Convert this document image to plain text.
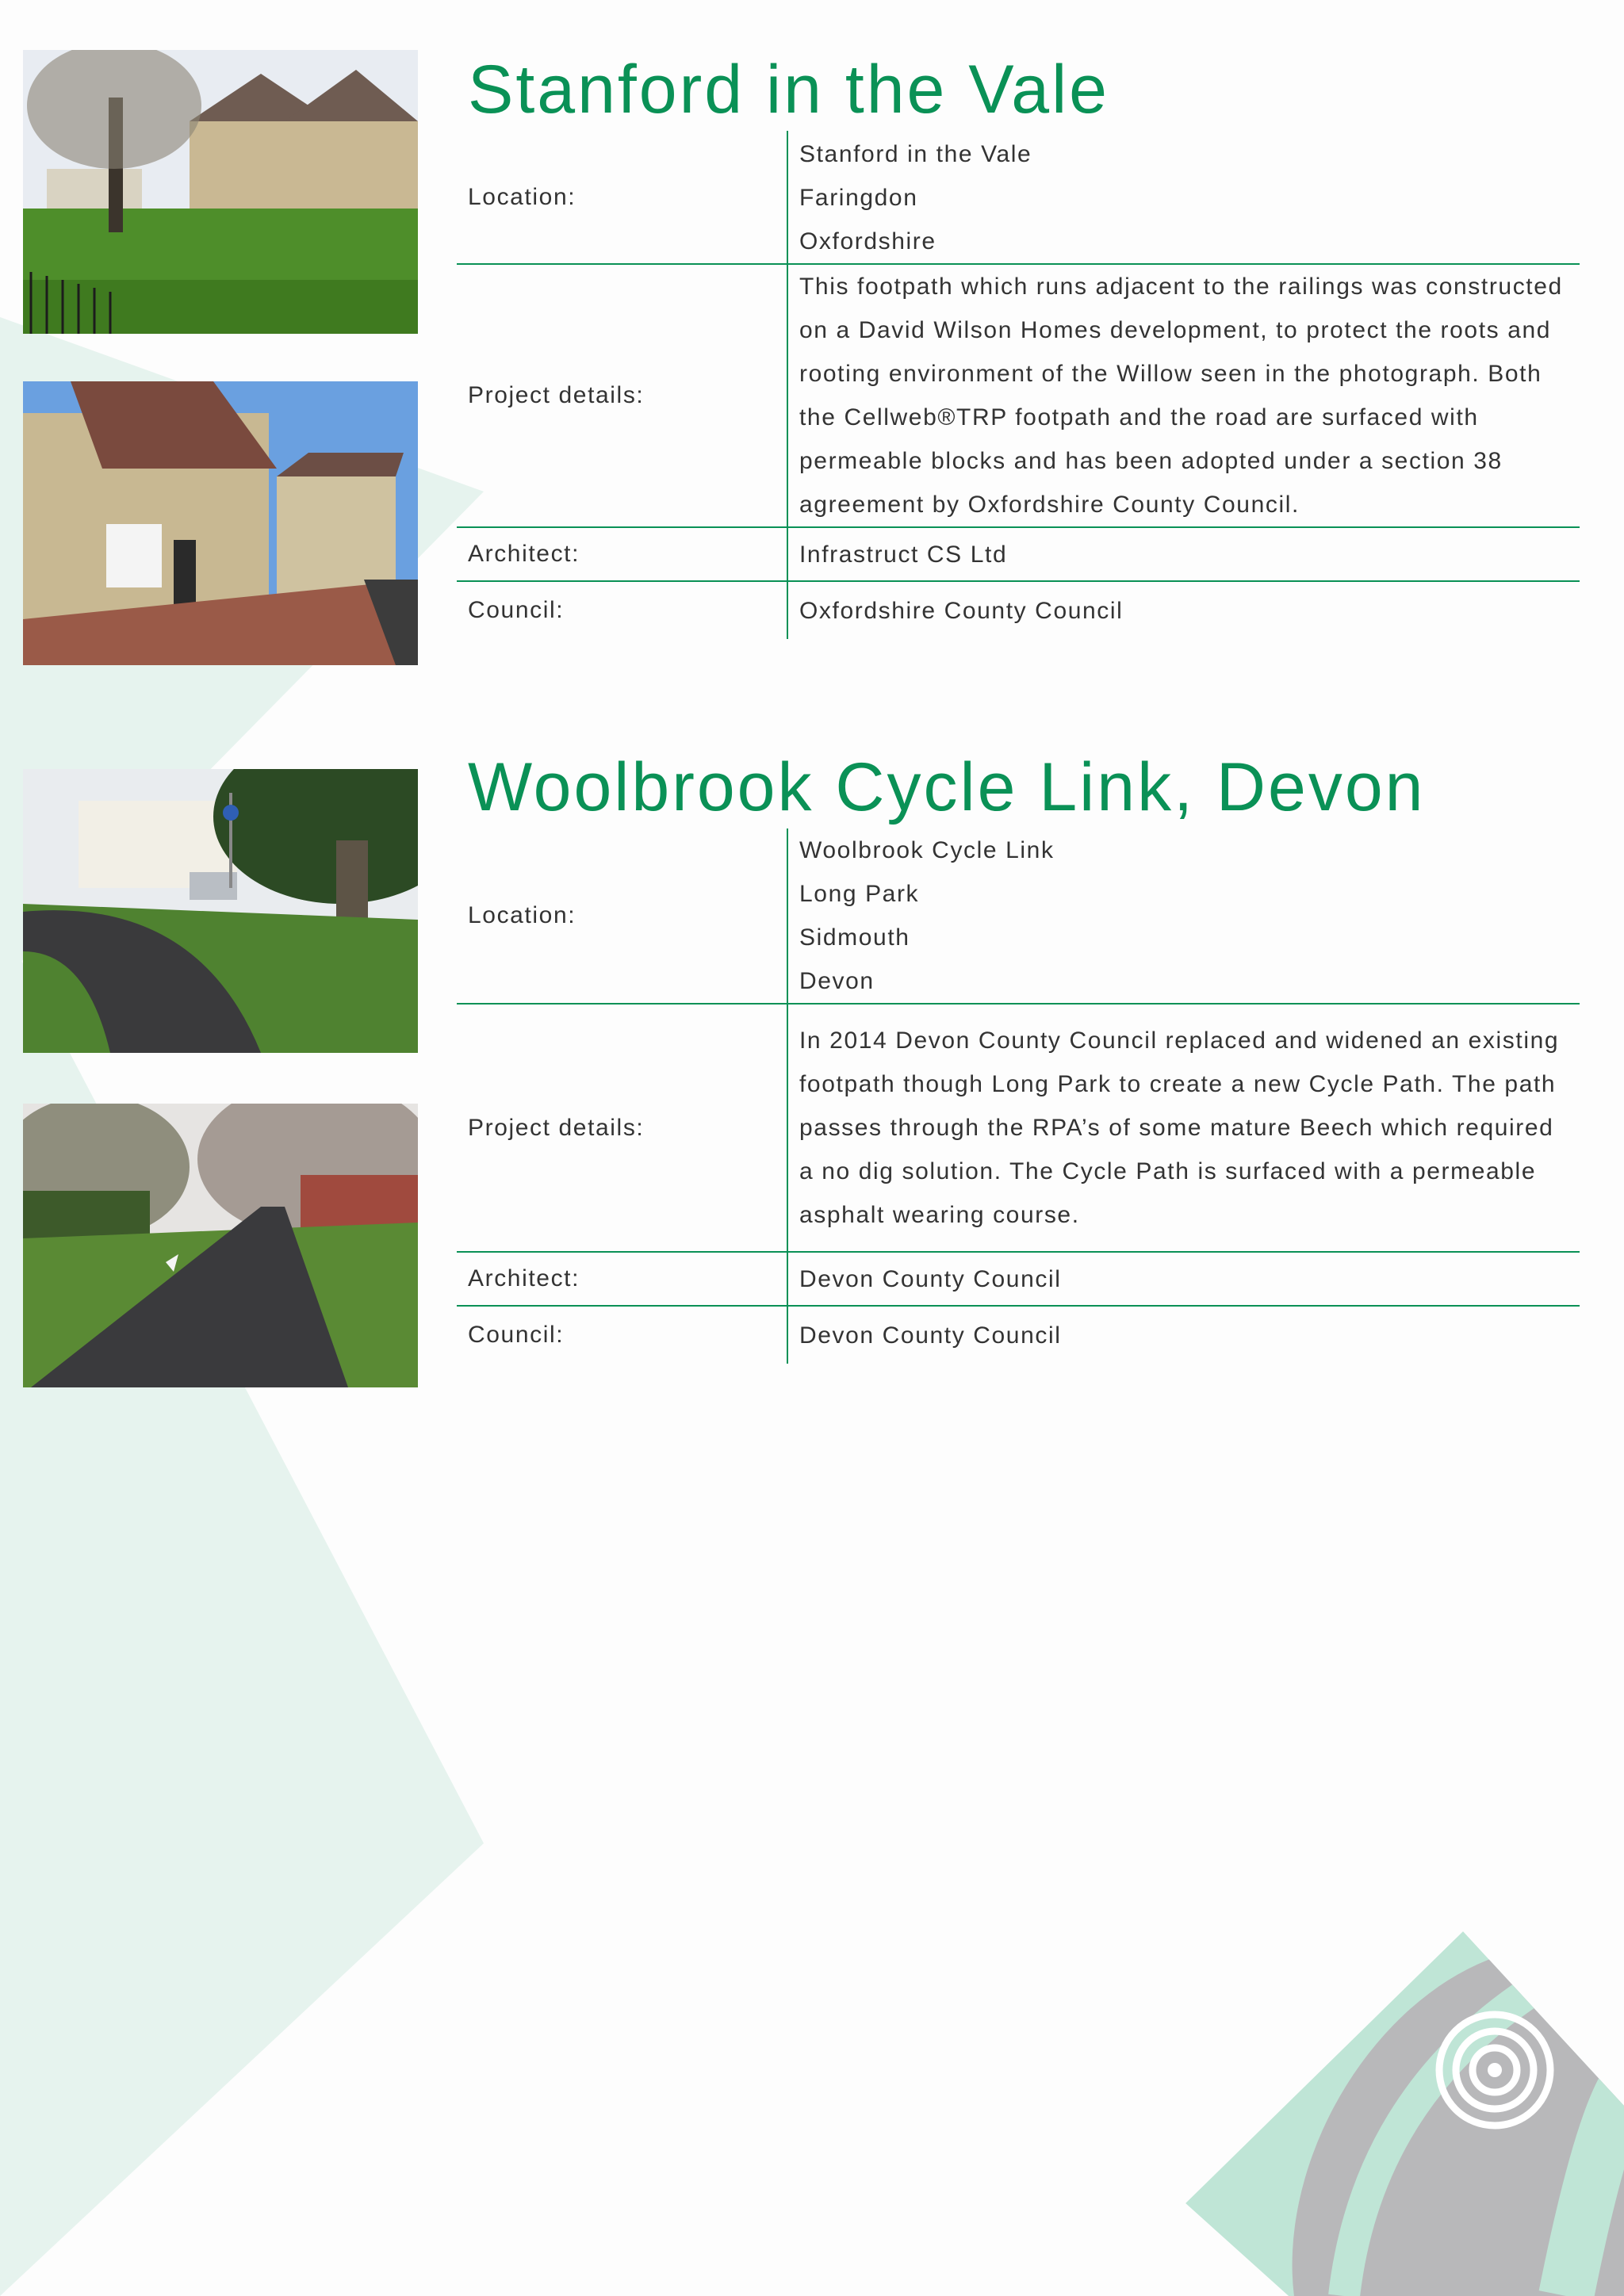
Stanford in the Vale
Location:	Stanford in the Vale
Faringdon
Oxfordshire

Project details:	This footpath which runs adjacent to the railings was constructed on a David Wilson Homes development, to protect the roots and rooting environment of the Willow seen in the photograph. Both the Cellweb®TRP footpath and the road are surfaced with permeable blocks and has been adopted under a section 38 agreement by Oxfordshire County Council.
Architect:	Infrastruct CS Ltd
Council:	Oxfordshire County Council
Woolbrook Cycle Link, Devon
Location:	Woolbrook Cycle Link
Long Park
Sidmouth
Devon

Project details:	In 2014 Devon County Council replaced and widened an existing footpath though Long Park to create a new Cycle Path. The path passes through the RPA’s of some mature Beech which required a no dig solution. The Cycle Path is surfaced with a permeable asphalt wearing course.
Architect:	Devon County Council
Council:	Devon County Council
